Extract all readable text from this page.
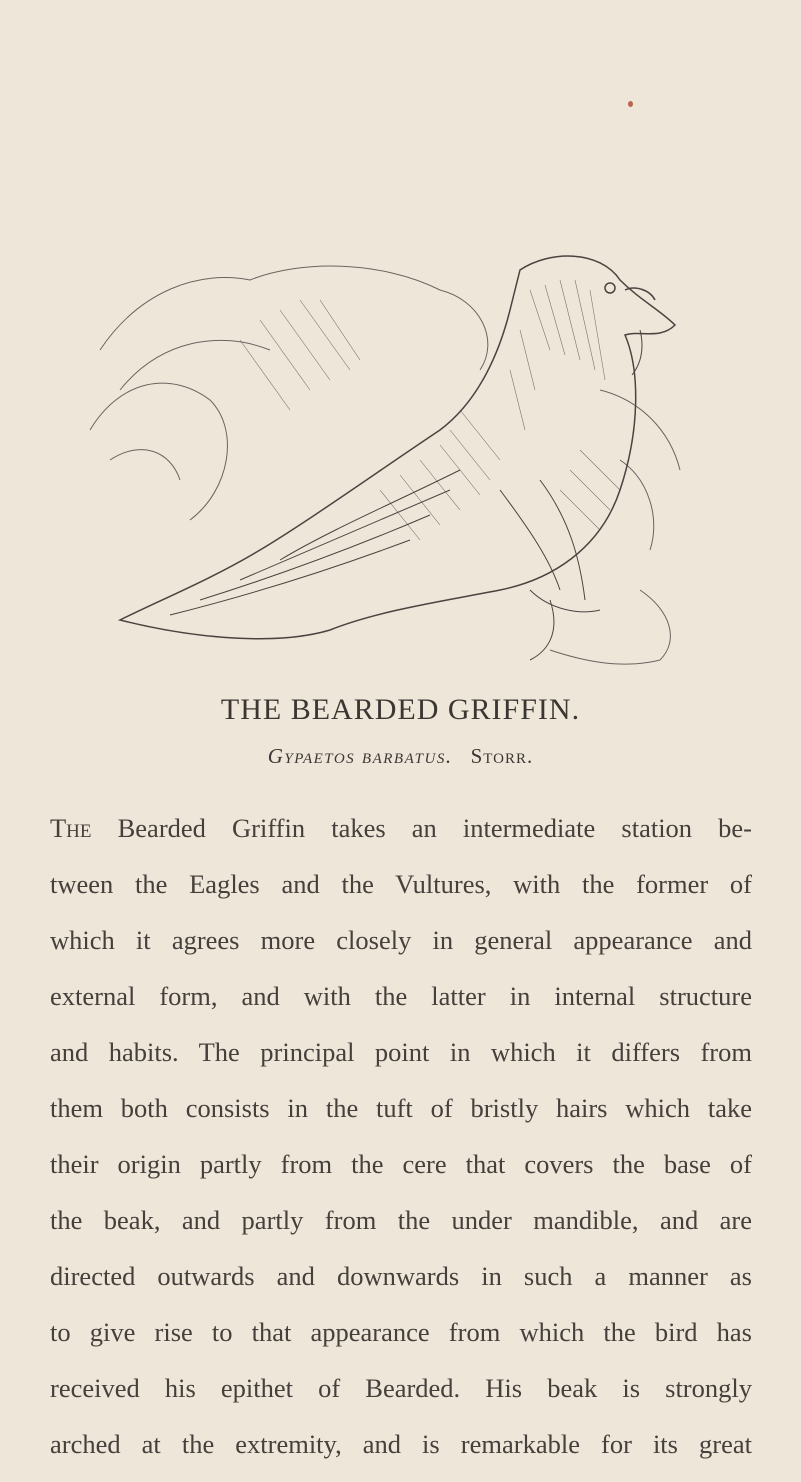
THE BEARDED GRIFFIN.
Gypaetos barbatus. Storr.
The Bearded Griffin takes an intermediate station be-
tween the Eagles and the Vultures, with the former of
which it agrees more closely in general appearance and
external form, and with the latter in internal structure
and habits. The principal point in which it differs from
them both consists in the tuft of bristly hairs which take
their origin partly from the cere that covers the base of
the beak, and partly from the under mandible, and are
directed outwards and downwards in such a manner as
to give rise to that appearance from which the bird has
received his epithet of Bearded. His beak is strongly
arched at the extremity, and is remarkable for its great
